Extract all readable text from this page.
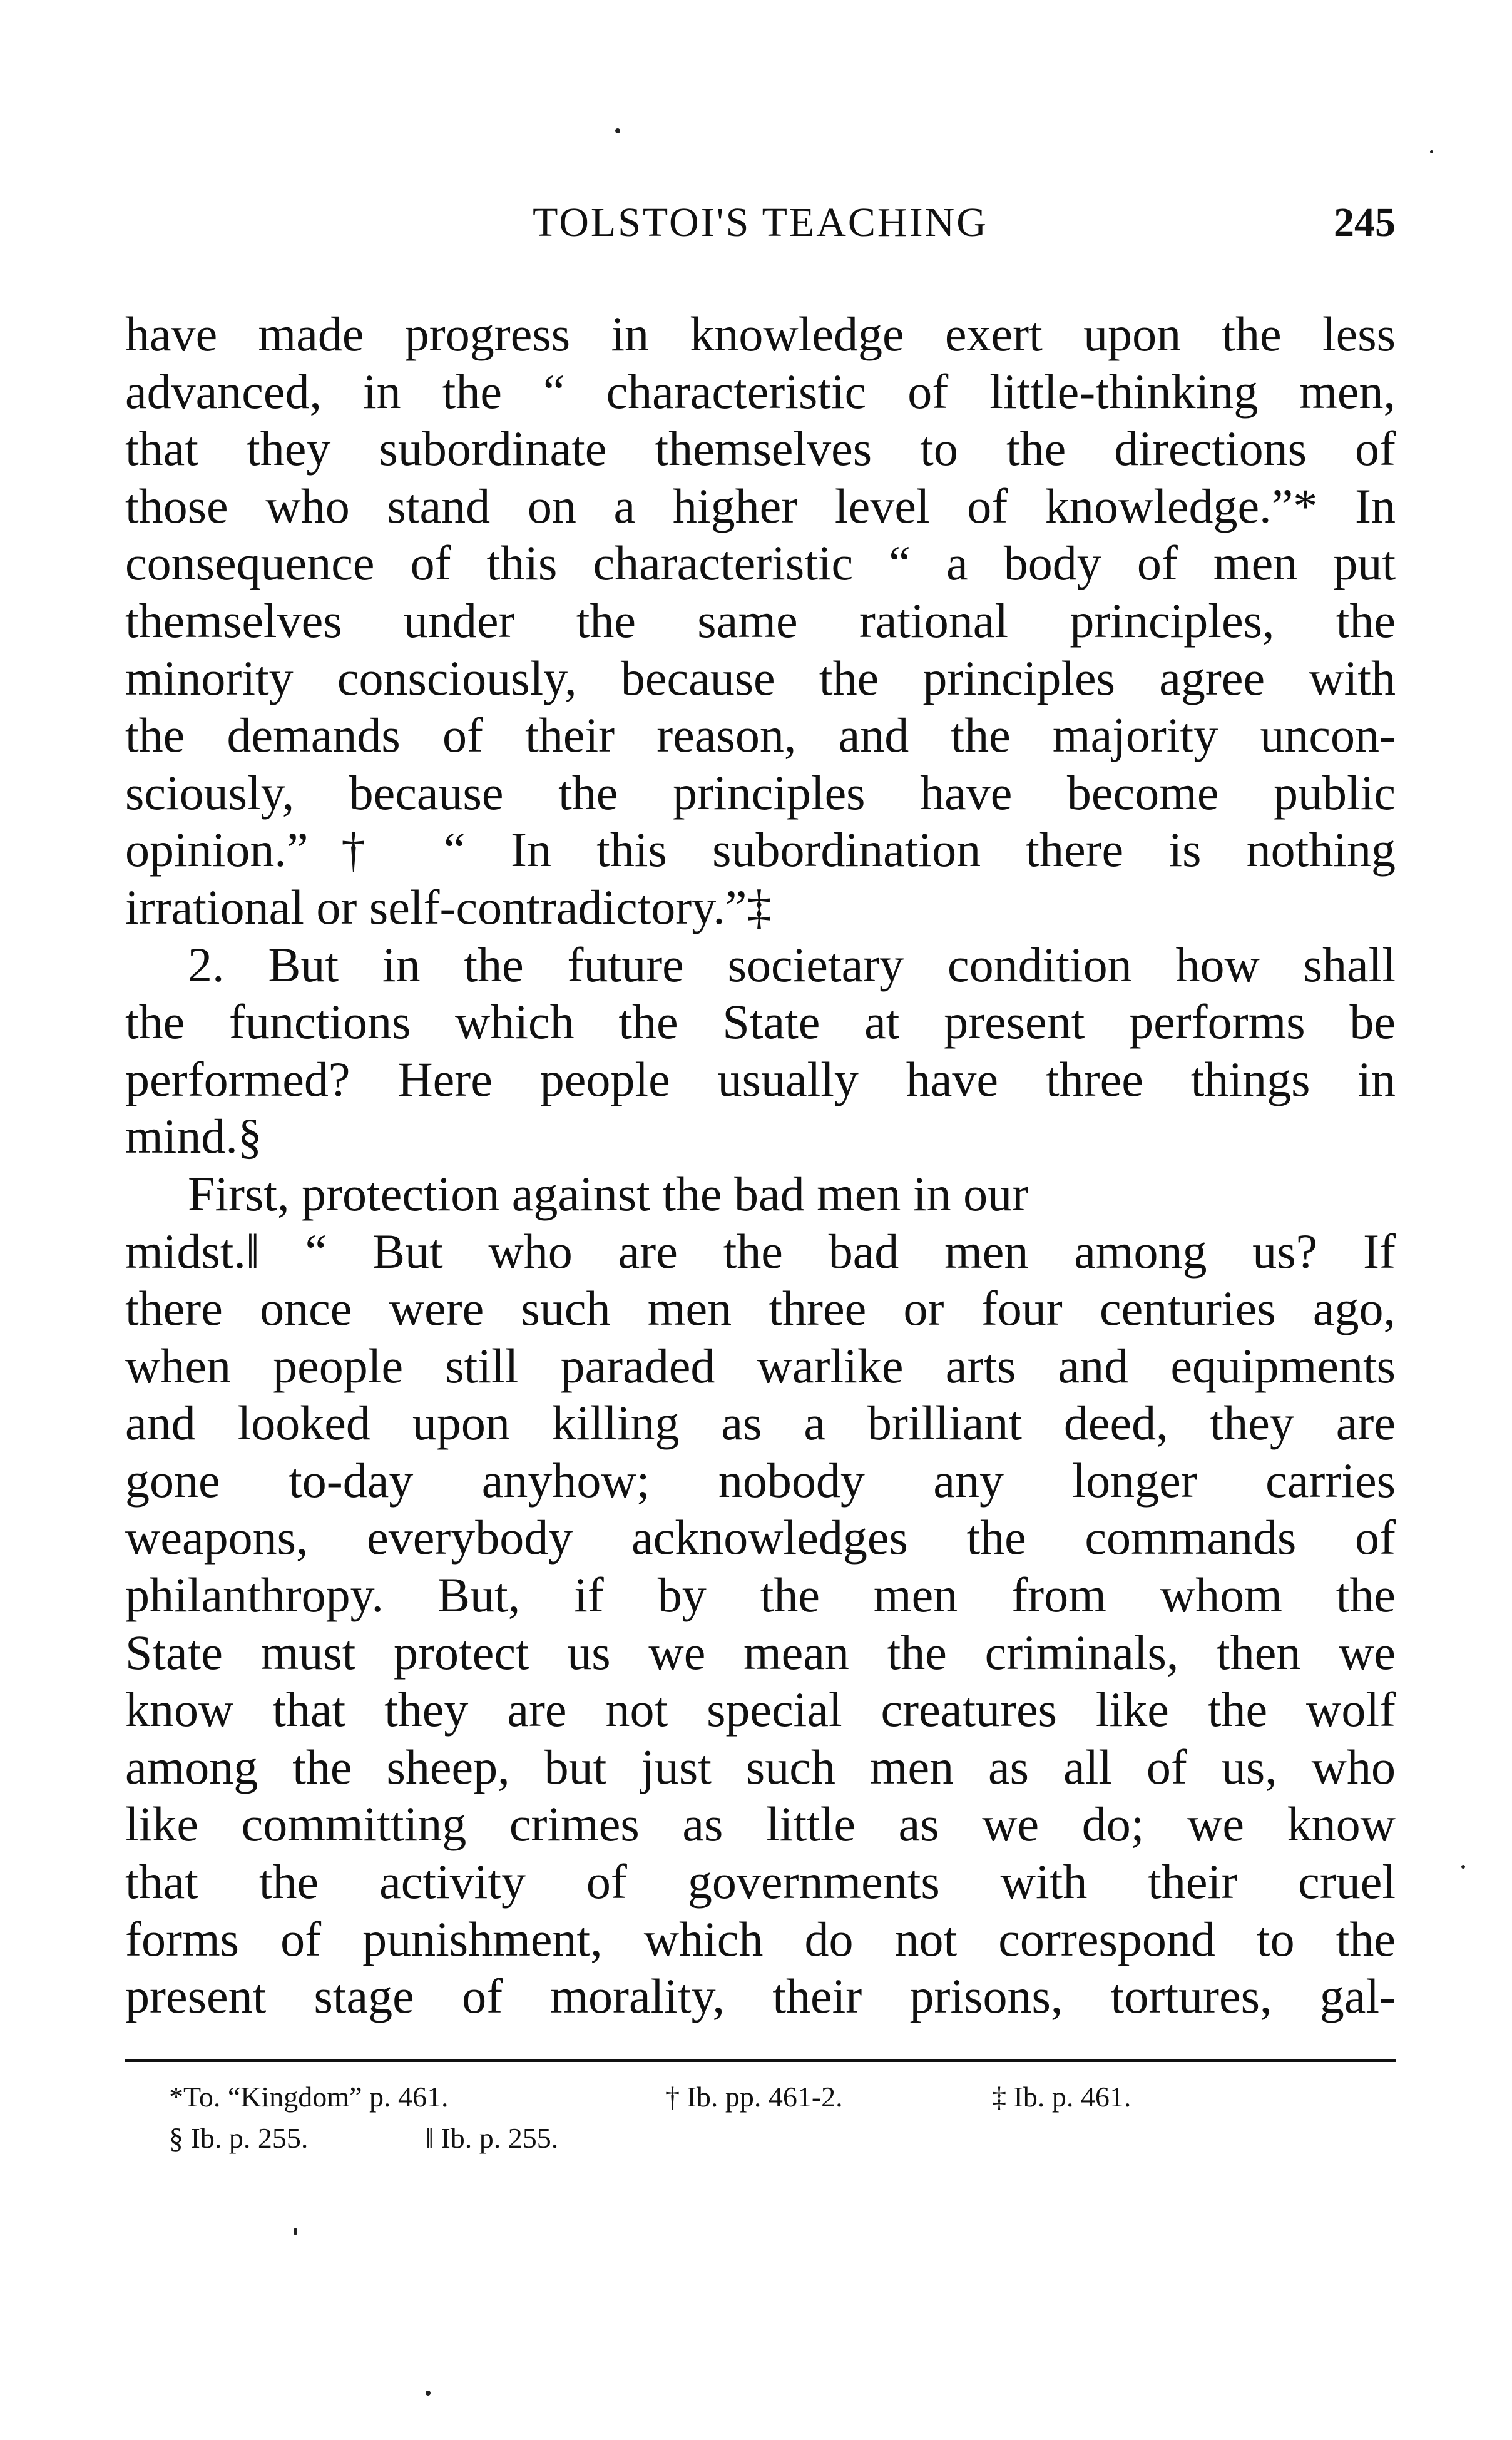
TOLSTOI'S TEACHING	245
have made progress in knowledge exert upon the less
advanced, in the “ characteristic of little-thinking men,
that they subordinate themselves to the directions of
those who stand on a higher level of knowledge.”* In
consequence of this characteristic “ a body of men put
themselves under the same rational principles, the
minority consciously, because the principles agree with
the demands of their reason, and the majority uncon-
sciously, because the principles have become public
opinion.”† “ In this subordination there is nothing
irrational or self-contradictory.”‡
2. But in the future societary condition how shall
the functions which the State at present performs be
performed? Here people usually have three things in
mind.§
First, protection against the bad men in our
midst.‖ “ But who are the bad men among us? If
there once were such men three or four centuries ago,
when people still paraded warlike arts and equipments
and looked upon killing as a brilliant deed, they are
gone to-day anyhow; nobody any longer carries
weapons, everybody acknowledges the commands of
philanthropy. But, if by the men from whom the
State must protect us we mean the criminals, then we
know that they are not special creatures like the wolf
among the sheep, but just such men as all of us, who
like committing crimes as little as we do; we know
that the activity of governments with their cruel
forms of punishment, which do not correspond to the
present stage of morality, their prisons, tortures, gal-
*To. “Kingdom” p. 461.	† Ib. pp. 461-2.	‡ Ib. p. 461.
§ Ib. p. 255.	‖ Ib. p. 255.
